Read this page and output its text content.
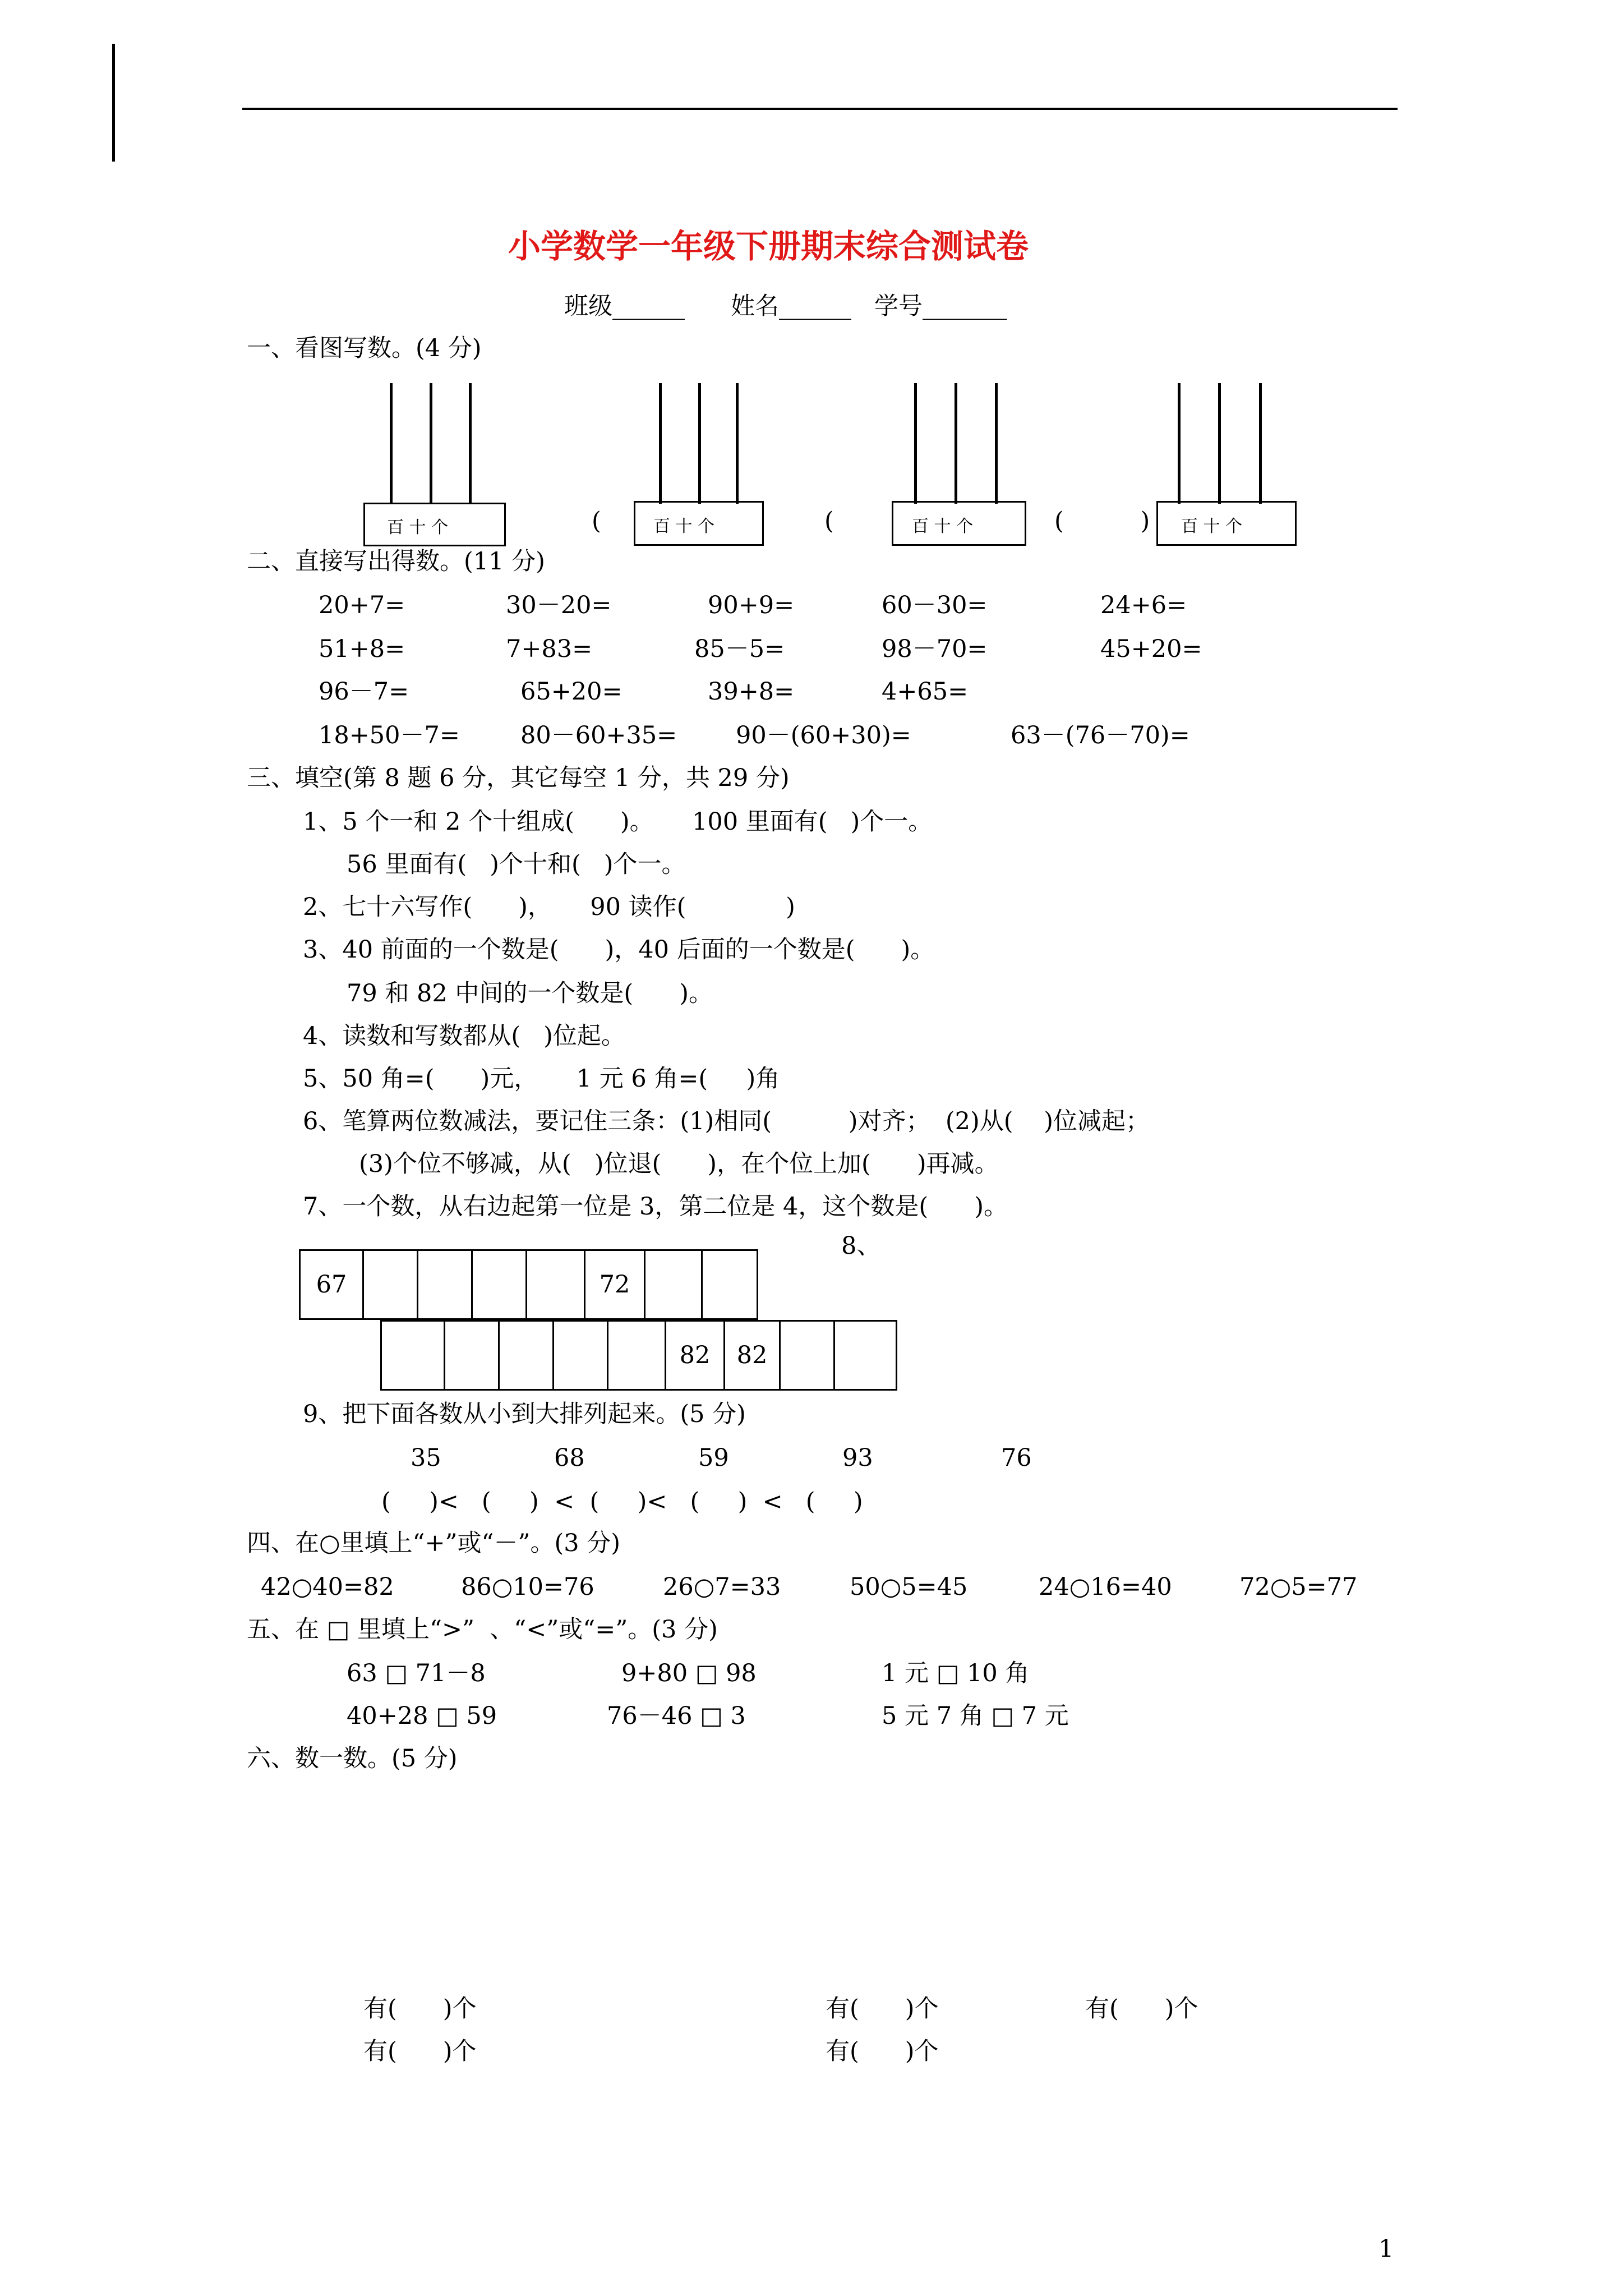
小学数学一年级下册期末综合测试卷
班级______      姓名______   学号_______
一、看图写数。(4 分)
百 十 个	(	百 十 个	(	百 十 个	(          ) 百 十 个
二、直接写出得数。(11 分)
20+7=	30－20=	90+9=	60－30=	24+6=
51+8=	7+83=	85－5=	98－70=	45+20=
96－7=	65+20=	39+8=	4+65=
18+50－7=	80－60+35= 90－(60+30)=	63－(76－70)=
三、填空(第 8 题 6 分，其它每空 1 分，共 29 分)
1、5 个一和 2 个十组成(      )。     100 里面有(   )个一。
56 里面有(   )个十和(   )个一。
2、七十六写作(      )，     90 读作(             )
3、40 前面的一个数是(      )，40 后面的一个数是(      )。
79 和 82 中间的一个数是(      )。
4、读数和写数都从(   )位起。
5、50 角=(      )元，     1 元 6 角=(     )角
6、笔算两位数减法，要记住三条：(1)相同(          )对齐；  (2)从(    )位减起；
(3)个位不够减，从(   )位退(      )，在个位上加(      )再减。
7、一个数，从右边起第一位是 3，第二位是 4，这个数是(      )。
8、
67	72
82	82
9、把下面各数从小到大排列起来。(5 分)
35	68	59	93	76
(     )<   (     )  <  (     )<   (     )  <   (     )
四、在○里填上“+”或“－”。(3 分)
42○40=82	86○10=76	26○7=33	50○5=45	24○16=40	72○5=77
五、在 □ 里填上“>”  、“<”或“=”。(3 分)
63 □ 71－8	9+80 □ 98	1 元 □ 10 角
40+28 □ 59	76－46 □ 3	5 元 7 角 □ 7 元
六、数一数。(5 分)
有(      )个
有(      )个
有(      )个	有(      )个
有(      )个
1
